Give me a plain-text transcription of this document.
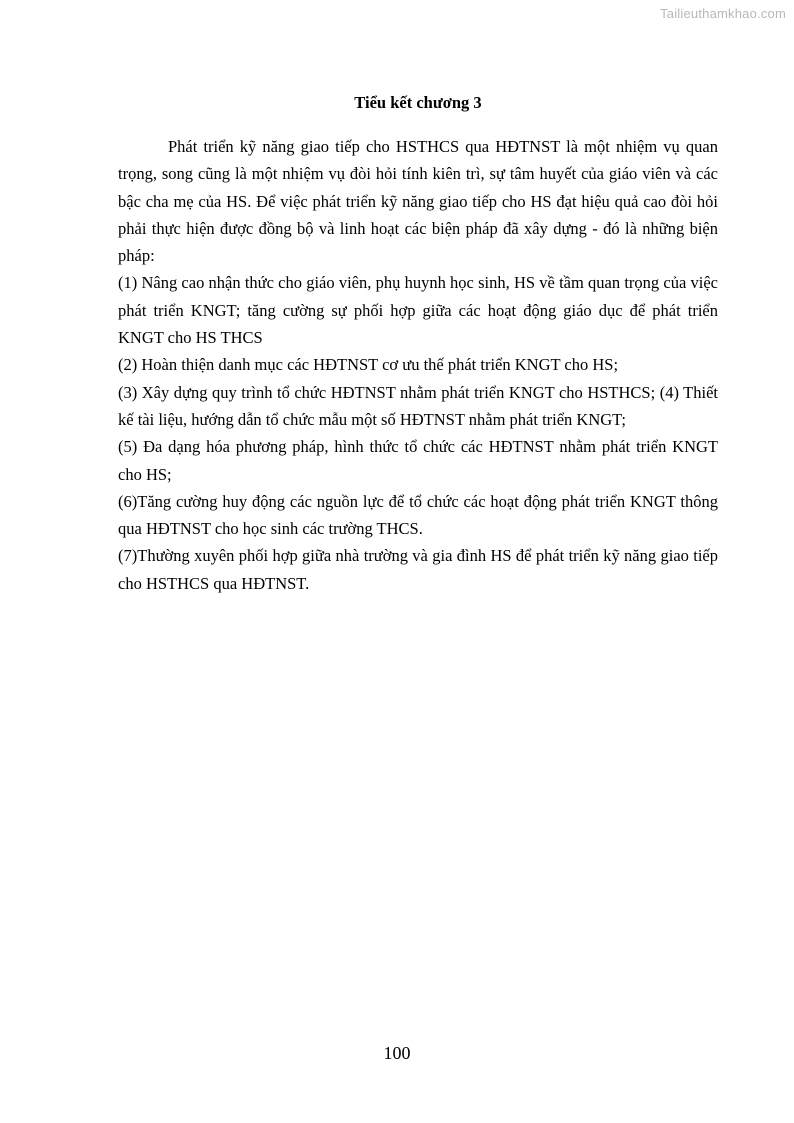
Tailieuthamkhao.com
Tiểu kết chương 3

Phát triển kỹ năng giao tiếp cho HSTHCS qua HĐTNST là một nhiệm vụ quan trọng, song cũng là một nhiệm vụ đòi hỏi tính kiên trì, sự tâm huyết của giáo viên và các bậc cha mẹ của HS. Để việc phát triển kỹ năng giao tiếp cho HS đạt hiệu quả cao đòi hỏi phải thực hiện được đồng bộ và linh hoạt các biện pháp đã xây dựng - đó là những biện pháp:

(1) Nâng cao nhận thức cho giáo viên, phụ huynh học sinh, HS về tầm quan trọng của việc phát triển KNGT; tăng cường sự phối hợp giữa các hoạt động giáo dục để phát triển KNGT cho HS THCS

(2) Hoàn thiện danh mục các HĐTNST cơ ưu thế phát triển KNGT cho HS;

(3) Xây dựng quy trình tổ chức HĐTNST nhằm phát triển KNGT cho HSTHCS; (4) Thiết kế tài liệu, hướng dẫn tổ chức mẫu một số HĐTNST nhằm phát triển KNGT;

(5) Đa dạng hóa phương pháp, hình thức tổ chức các HĐTNST nhằm phát triển KNGT cho HS;

(6)Tăng cường huy động các nguồn lực để tổ chức các hoạt động phát triển KNGT thông qua HĐTNST cho học sinh các trường THCS.

(7)Thường xuyên phối hợp giữa nhà trường và gia đình HS để phát triển kỹ năng giao tiếp cho HSTHCS qua HĐTNST.

100
